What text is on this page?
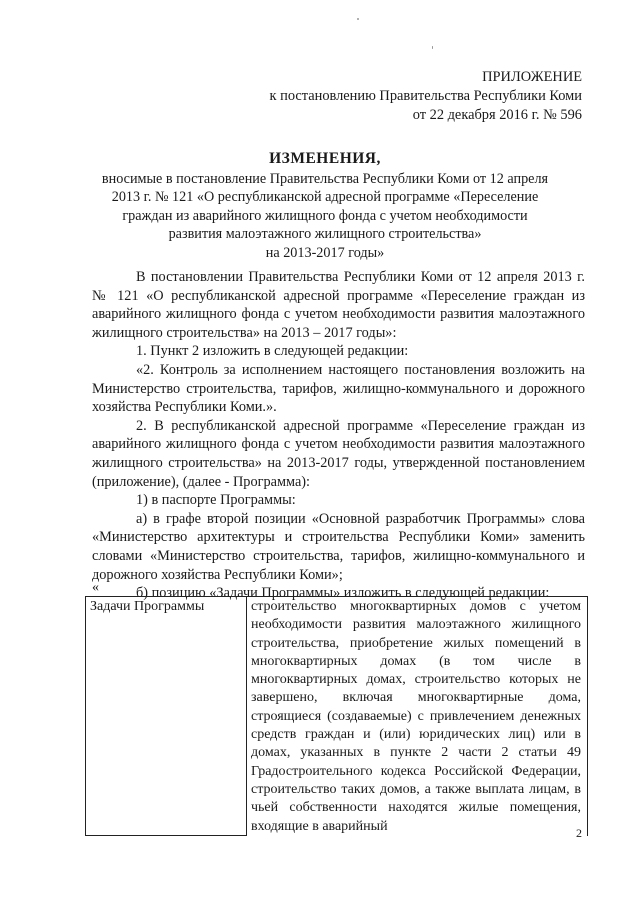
ПРИЛОЖЕНИЕ
к постановлению Правительства Республики Коми
от 22 декабря 2016 г. № 596
ИЗМЕНЕНИЯ,
вносимые в постановление Правительства Республики Коми от 12 апреля
2013 г. № 121 «О республиканской адресной программе «Переселение
граждан из аварийного жилищного фонда с учетом необходимости
развития малоэтажного жилищного строительства»
на 2013-2017 годы»

В постановлении Правительства Республики Коми от 12 апреля 2013 г. № 121 «О республиканской адресной программе «Переселение граждан из аварийного жилищного фонда с учетом необходимости развития малоэтажного жилищного строительства» на 2013 – 2017 годы»:

1. Пункт 2 изложить в следующей редакции:

«2. Контроль за исполнением настоящего постановления возложить на Министерство строительства, тарифов, жилищно-коммунального и дорожного хозяйства Республики Коми.».

2. В республиканской адресной программе «Переселение граждан из аварийного жилищного фонда с учетом необходимости развития малоэтажного жилищного строительства» на 2013-2017 годы, утвержденной постановлением (приложение), (далее - Программа):

1) в паспорте Программы:

а) в графе второй позиции «Основной разработчик Программы» слова «Министерство архитектуры и строительства Республики Коми» заменить словами «Министерство строительства, тарифов, жилищно-коммунального и дорожного хозяйства Республики Коми»;

б) позицию «Задачи Программы» изложить в следующей редакции:

«
Задачи Программы	строительство многоквартирных домов с учетом необходимости развития малоэтажного жилищного строительства, приобретение жилых помещений в многоквартирных домах (в том числе в многоквартирных домах, строительство которых не завершено, включая многоквартирные дома, строящиеся (создаваемые) с привлечением денежных средств граждан и (или) юридических лиц) или в домах, указанных в пункте 2 части 2 статьи 49 Градостроительного кодекса Российской Федерации, строительство таких домов, а также выплата лицам, в чьей собственности находятся жилые помещения, входящие в аварийный	2
